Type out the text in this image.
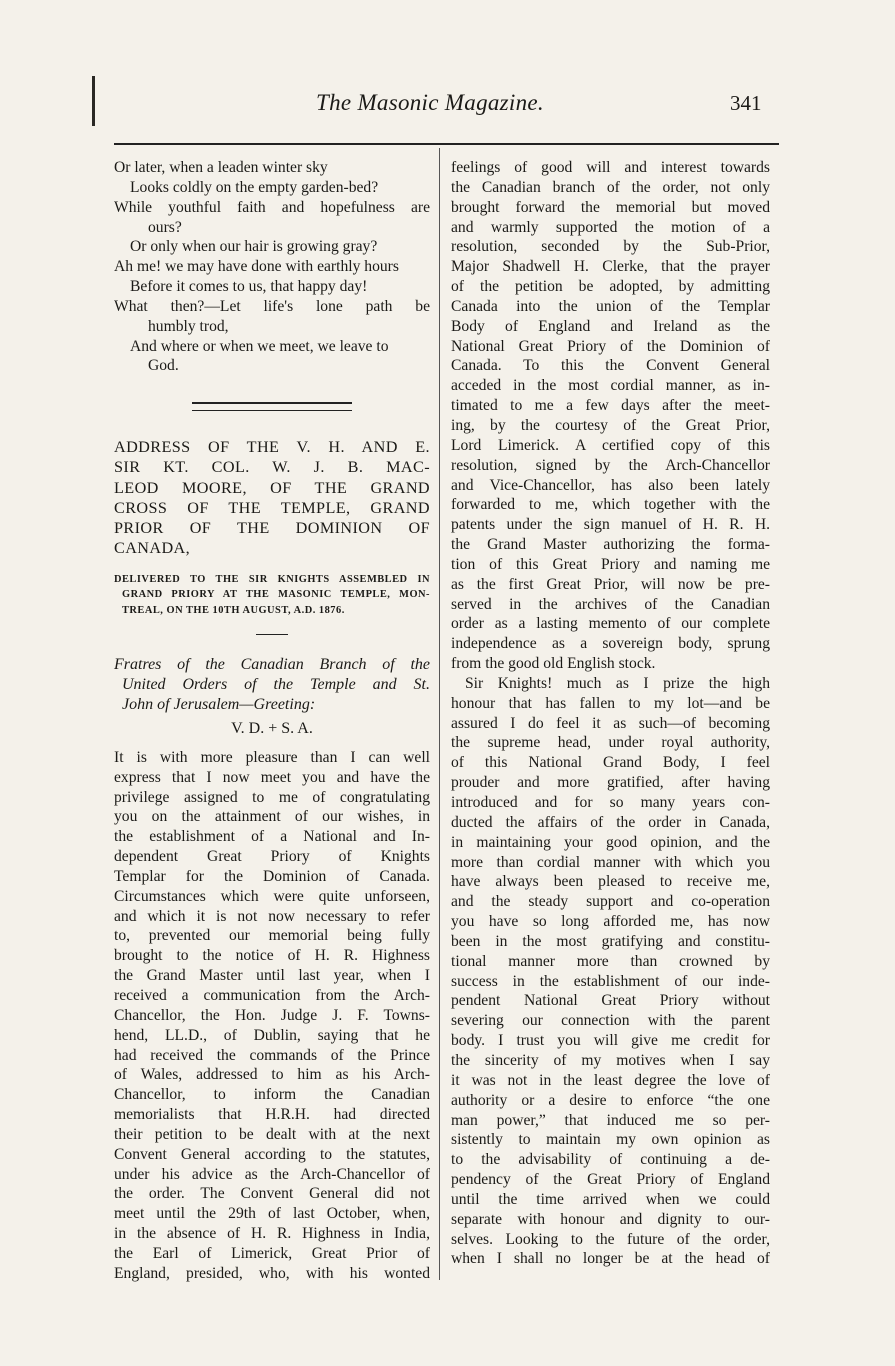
The Masonic Magazine.	341
Or later, when a leaden winter sky
Looks coldly on the empty garden-bed?
While youthful faith and hopefulness are
ours?
Or only when our hair is growing gray?
Ah me! we may have done with earthly hours
Before it comes to us, that happy day!
What then?—Let life's lone path be
humbly trod,
And where or when we meet, we leave to
God.
ADDRESS OF THE V. H. AND E.
SIR KT. COL. W. J. B. MAC-
LEOD MOORE, OF THE GRAND
CROSS OF THE TEMPLE, GRAND
PRIOR OF THE DOMINION OF
CANADA,
DELIVERED TO THE SIR KNIGHTS ASSEMBLED IN
GRAND PRIORY AT THE MASONIC TEMPLE, MON-
TREAL, ON THE 10TH AUGUST, A.D. 1876.
Fratres of the Canadian Branch of the
United Orders of the Temple and St.
John of Jerusalem—Greeting:
V. D. + S. A.
It is with more pleasure than I can well
express that I now meet you and have the
privilege assigned to me of congratulating
you on the attainment of our wishes, in
the establishment of a National and In-
dependent Great Priory of Knights
Templar for the Dominion of Canada.
Circumstances which were quite unforseen,
and which it is not now necessary to refer
to, prevented our memorial being fully
brought to the notice of H. R. Highness
the Grand Master until last year, when I
received a communication from the Arch-
Chancellor, the Hon. Judge J. F. Towns-
hend, LL.D., of Dublin, saying that he
had received the commands of the Prince
of Wales, addressed to him as his Arch-
Chancellor, to inform the Canadian
memorialists that H.R.H. had directed
their petition to be dealt with at the next
Convent General according to the statutes,
under his advice as the Arch-Chancellor of
the order. The Convent General did not
meet until the 29th of last October, when,
in the absence of H. R. Highness in India,
the Earl of Limerick, Great Prior of
England, presided, who, with his wonted
feelings of good will and interest towards
the Canadian branch of the order, not only
brought forward the memorial but moved
and warmly supported the motion of a
resolution, seconded by the Sub-Prior,
Major Shadwell H. Clerke, that the prayer
of the petition be adopted, by admitting
Canada into the union of the Templar
Body of England and Ireland as the
National Great Priory of the Dominion of
Canada. To this the Convent General
acceded in the most cordial manner, as in-
timated to me a few days after the meet-
ing, by the courtesy of the Great Prior,
Lord Limerick. A certified copy of this
resolution, signed by the Arch-Chancellor
and Vice-Chancellor, has also been lately
forwarded to me, which together with the
patents under the sign manuel of H. R. H.
the Grand Master authorizing the forma-
tion of this Great Priory and naming me
as the first Great Prior, will now be pre-
served in the archives of the Canadian
order as a lasting memento of our complete
independence as a sovereign body, sprung
from the good old English stock.
Sir Knights! much as I prize the high
honour that has fallen to my lot—and be
assured I do feel it as such—of becoming
the supreme head, under royal authority,
of this National Grand Body, I feel
prouder and more gratified, after having
introduced and for so many years con-
ducted the affairs of the order in Canada,
in maintaining your good opinion, and the
more than cordial manner with which you
have always been pleased to receive me,
and the steady support and co-operation
you have so long afforded me, has now
been in the most gratifying and constitu-
tional manner more than crowned by
success in the establishment of our inde-
pendent National Great Priory without
severing our connection with the parent
body. I trust you will give me credit for
the sincerity of my motives when I say
it was not in the least degree the love of
authority or a desire to enforce “the one
man power,” that induced me so per-
sistently to maintain my own opinion as
to the advisability of continuing a de-
pendency of the Great Priory of England
until the time arrived when we could
separate with honour and dignity to our-
selves. Looking to the future of the order,
when I shall no longer be at the head of
